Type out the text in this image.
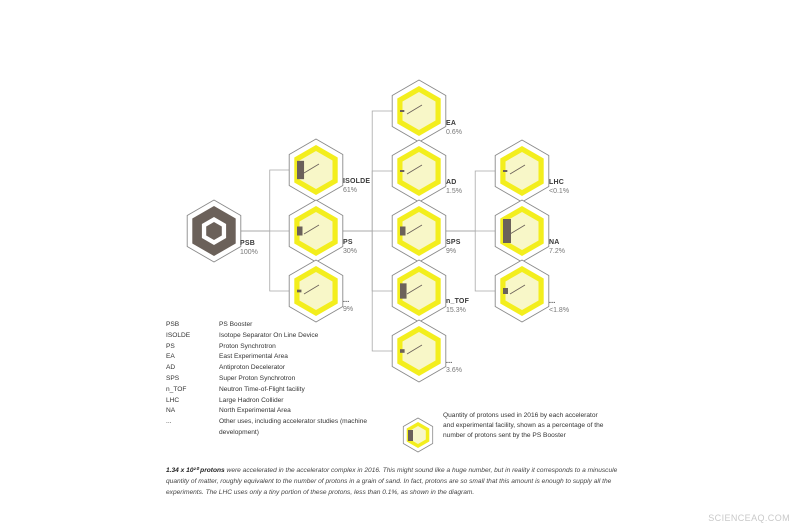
PSB
100%
ISOLDE
61%
PS
30%
...
9%
EA
0.6%
AD
1.5%
SPS
9%
n_TOF
15.3%
...
3.6%
LHC
<0.1%
NA
7.2%
...
<1.8%
PSB	PS Booster
ISOLDE	Isotope Separator On Line Device
PS	Proton Synchrotron
EA	East Experimental Area
AD	Antiproton Decelerator
SPS	Super Proton Synchrotron
n_TOF	Neutron Time-of-Flight facility
LHC	Large Hadron Collider
NA	North Experimental Area
...	Other uses, including accelerator studies (machine development)
Quantity of protons used in 2016 by each accelerator and experimental facility, shown as a percentage of the number of protons sent by the PS Booster
1.34 x 10²⁰ protons were accelerated in the accelerator complex in 2016. This might sound like a huge number, but in reality it corresponds to a minuscule quantity of matter, roughly equivalent to the number of protons in a grain of sand. In fact, protons are so small that this amount is enough to supply all the experiments. The LHC uses only a tiny portion of these protons, less than 0.1%, as shown in the diagram.
SCIENCEAQ.COM
